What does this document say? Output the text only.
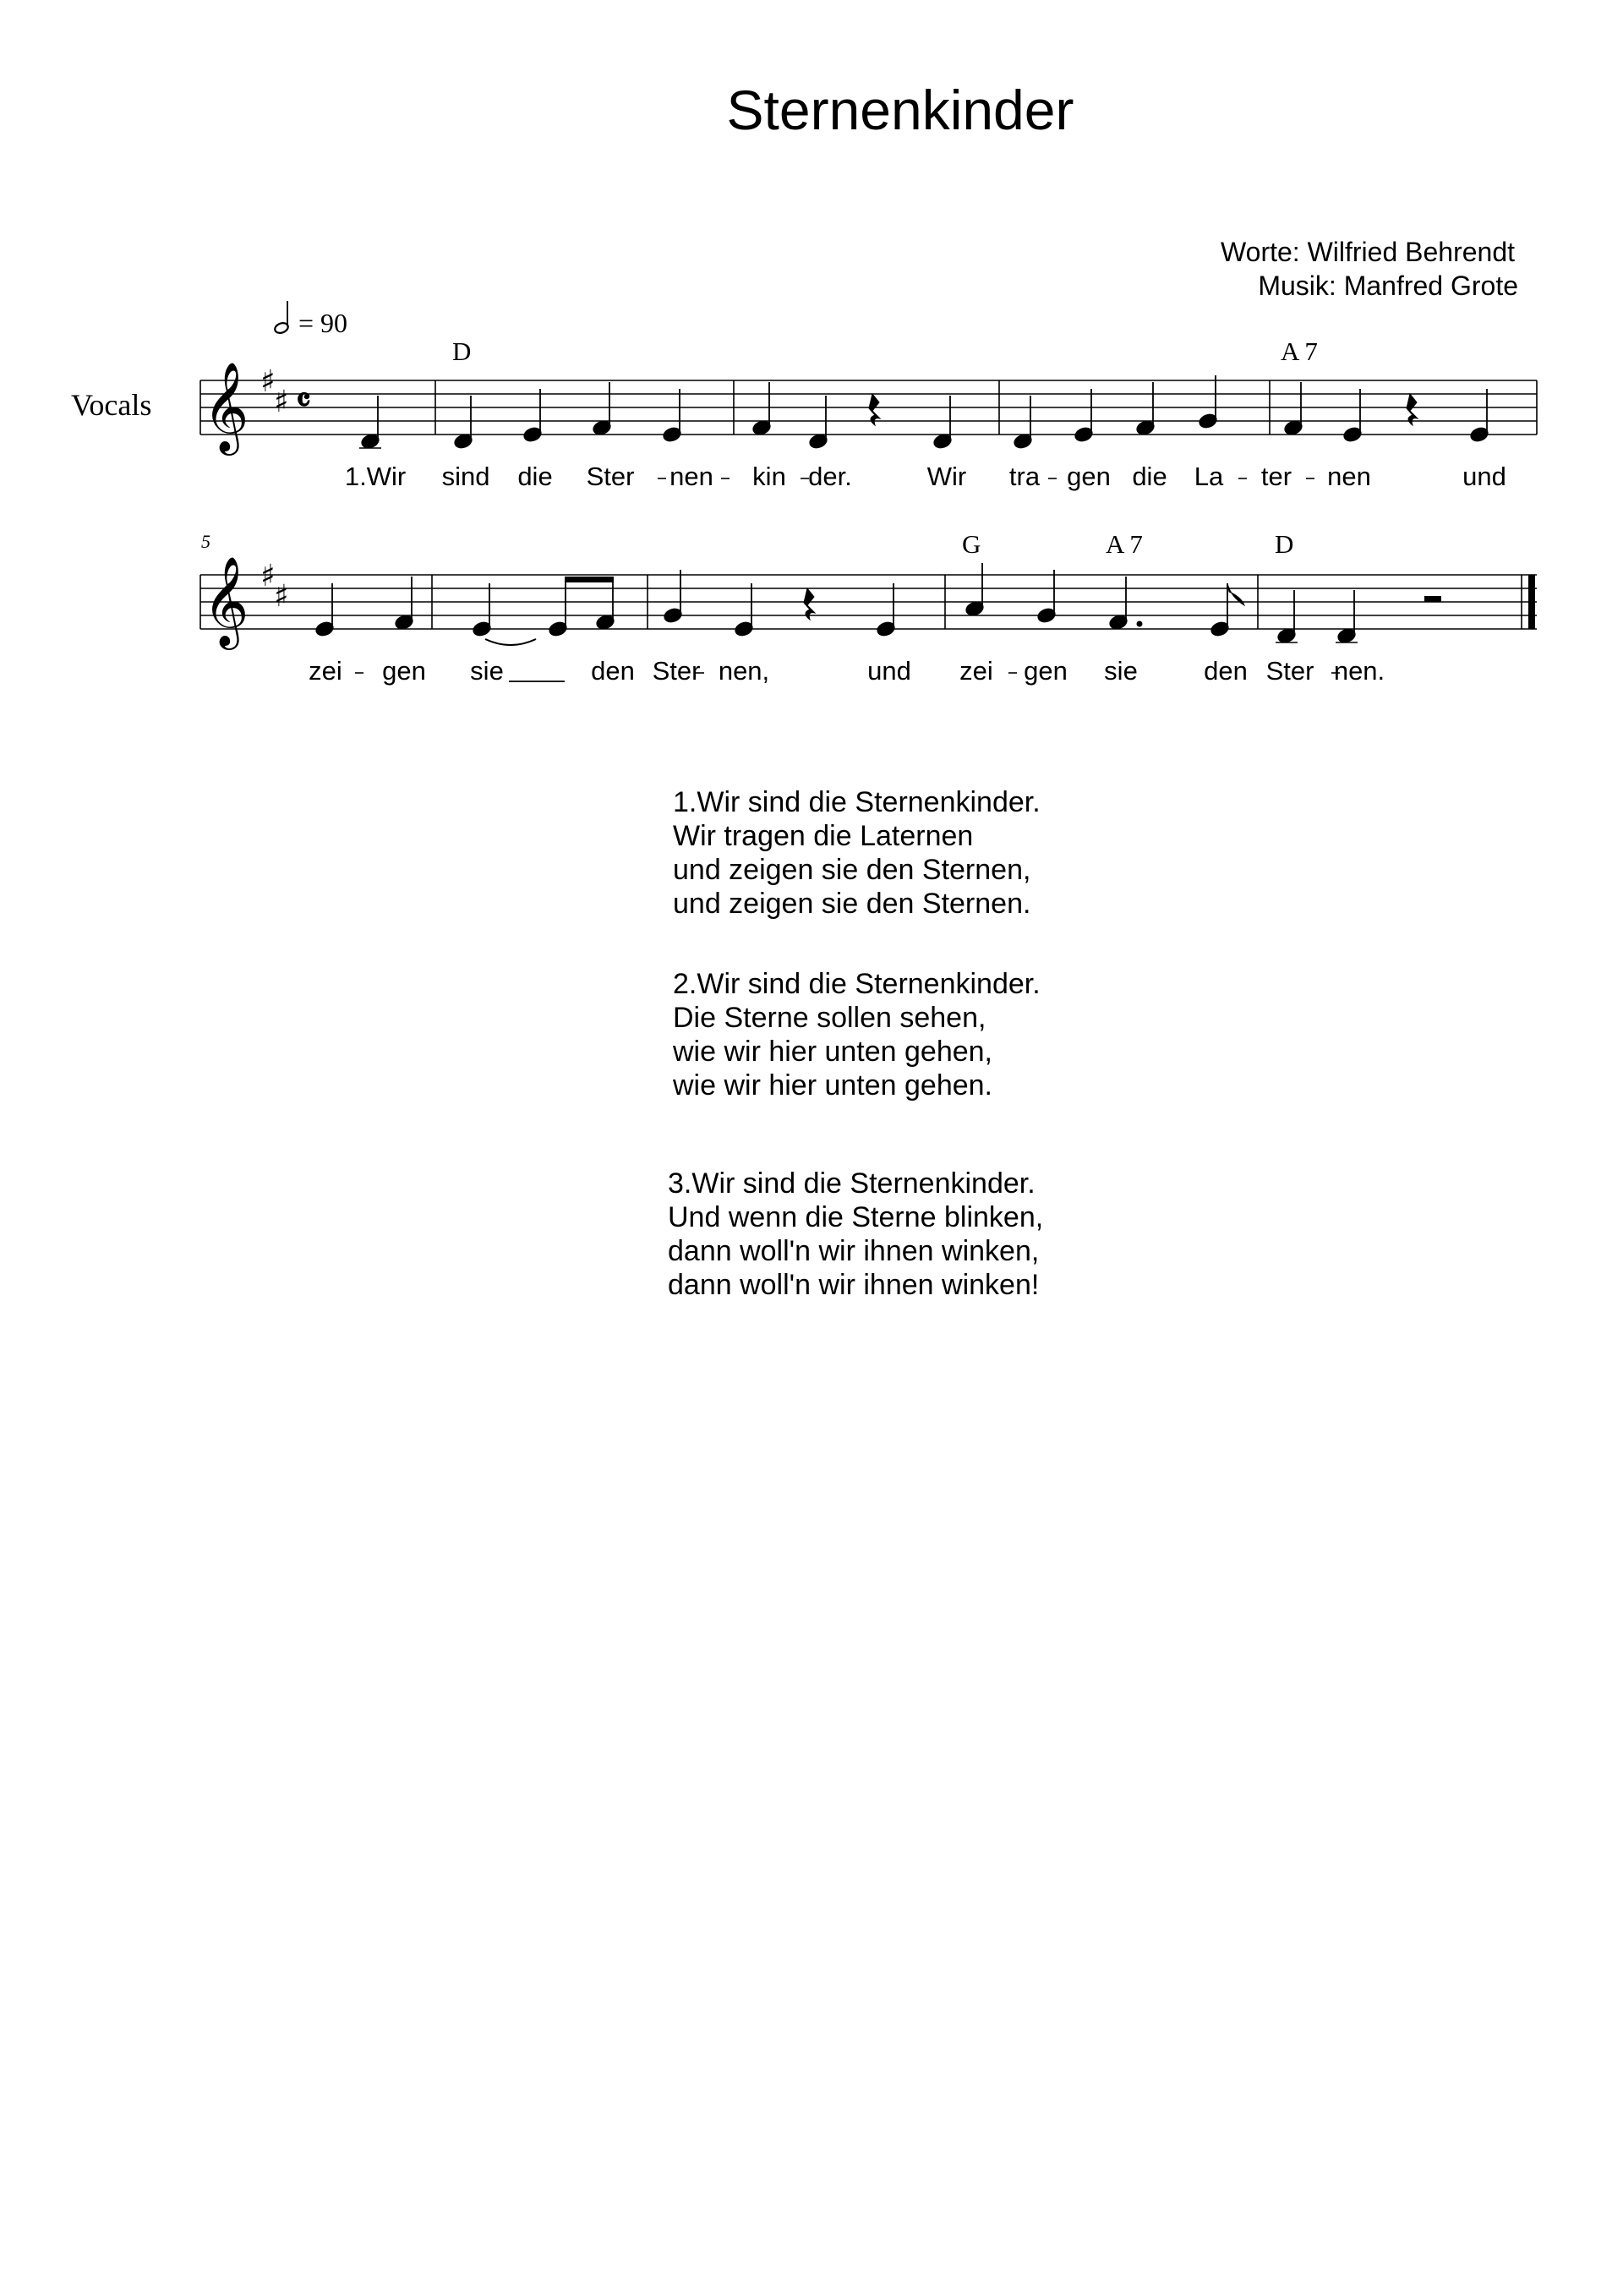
Sternenkinder
Worte: Wilfried Behrendt
Musik: Manfred Grote
Vocals
= 90
D	A 7
G	A 7	D
5
𝄞 ♯
♯ 𝄴
𝄞 ♯
♯
1.Wir sind die Ster nen kin der.	Wir tra gen die La ter nen	und
zei gen sie	den Ster nen,	und zei gen sie	den Ster nen.
1.Wir sind die Sternenkinder.
Wir tragen die Laternen
und zeigen sie den Sternen,
und zeigen sie den Sternen.
2.Wir sind die Sternenkinder.
Die Sterne sollen sehen,
wie wir hier unten gehen,
wie wir hier unten gehen.
3.Wir sind die Sternenkinder.
Und wenn die Sterne blinken,
dann woll'n wir ihnen winken,
dann woll'n wir ihnen winken!
